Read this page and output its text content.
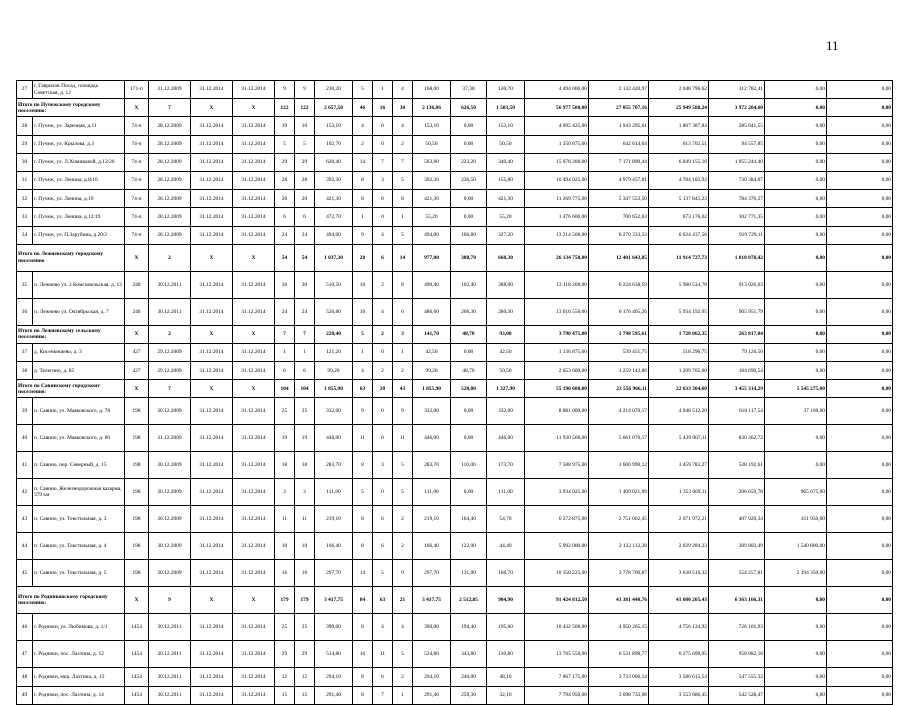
11
27	г. Гаврилов Посад, площадь Советская, д. 12	171-п	31.12.2009	31.12.2014	31.12.2014	9	9	230,20	5	1	4	168,00	37,30	130,70	4 494 000,00	2 132 420,97	2 048 796,62	312 782,41	0,00	0,00
Итого по Пучежскому городскому поселению:		X	7	X	X	122	122	2 657,50	46	16	30	2 136,06	626,50	1 503,50	56 977 500,00	27 055 707,16	25 949 588,24	3 972 204,60	0,00	0,00
28	г. Пучеж, ул. Заречная, д.11	74-п	28.12.2009	31.12.2014	31.12.2014	10	10	153,10	4	0	4	153,10	0,00	153,10	4 095 425,00	1 943 295,61	1 867 387,84	285 041,55	0,00	0,00
29	г. Пучеж, ул. Крылова, д.3	74-п	28.12.2009	31.12.2014	31.12.2014	5	5	102,70	2	0	2	50,50	0,00	50,50	1 350 875,00	642 614,64	613 702,51	94 557,85	0,00	0,00
30	г. Пучеж, ул. Л.Химиковой, д.12/26	74-п	28.12.2009	31.12.2014	31.12.2014	29	29	620,40	14	7	7	563,60	223,20	340,40	15 076 300,00	7 171 890,44	6 849 155,16	1 055 244,40	0,00	0,00
31	г. Пучеж, ул. Ленина, д.8/16	74-п	28.12.2009	31.12.2014	31.12.2014	28	28	392,30	8	3	5	392,30	236,50	155,80	10 494 025,00	4 979 457,01	4 784 183,92	730 384,07	0,00	0,00
32	г. Пучеж, ул. Ленина, д.19	74-п	28.12.2009	31.12.2014	31.12.2014	20	20	421,30	8	0	8	421,30	0,00	421,30	11 269 775,00	5 347 553,50	5 137 845,23	784 376,27	0,00	0,00
33	г. Пучеж, ул. Ленина, д.12/19	74-п	28.12.2009	31.12.2014	31.12.2014	6	6	472,70	1	0	1	55,20	0,00	55,20	1 476 600,00	700 652,63	673 176,02	102 771,35	0,00	0,00
34	г. Пучеж, ул. П.Зарубина, д.20/2	74-п	28.12.2009	31.12.2014	31.12.2014	24	24	494,00	9	4	5	494,00	166,80	327,20	13 214 500,00	6 270 333,33	6 024 437,56	919 729,11	0,00	0,00
Итого по Лежневскому городскому поселению		X	2	X	X	54	54	1 037,30	20	6	14	977,00	308,70	668,30	26 134 750,00	12 401 643,85	11 914 727,73	1 818 078,42	0,00	0,00
35	п. Лежнево ул. 2 Комсомольская, д. 13	248	30.12.2011	31.12.2014	31.12.2014	30	30	510,50	10	2	8	490,40	102,40	388,00	13 118 200,00	6 224 638,59	5 980 534,78	913 026,63	0,00	0,00
36	п. Лежнево ул. Октябрьская, д. 7	248	30.12.2011	31.12.2014	31.12.2014	24	24	526,80	10	4	6	486,60	206,30	280,30	13 016 550,00	6 176 405,26	5 934 192,95	905 951,79	0,00	0,00
Итого по Лежневскому сельскому поселению:		X	2	X	X	7	7	220,40	5	2	3	141,70	48,70	93,00	3 790 475,00	1 798 595,61	1 728 062,35	263 817,04	0,00	0,00
37	д. Кисенкишево, д. 3	427	29.12.2009	31.12.2014	31.12.2014	1	1	121,20	1	0	1	42,50	0,00	42,50	1 136 875,00	539 451,75	518 296,75	79 126,50	0,00	0,00
38	д. Телегино, д. 85	427	29.12.2009	31.12.2014	31.12.2014	6	6	99,20	4	2	2	99,20	48,70	50,50	2 653 600,00	1 259 143,86	1 209 765,60	184 690,54	0,00	0,00
Итого по Савинскому городскому поселению:		X	7	X	X	104	104	1 855,90	63	20	43	1 855,90	528,00	1 327,90	55 190 600,00	23 556 966,11	22 633 304,60	3 455 314,29	5 545 275,00	0,00
39	п. Савино, ул. Маяковского, д. 78	198	30.12.2009	31.12.2014	31.12.2014	25	25	332,00	9	0	9	332,00	0,00	332,00	8 881 000,00	4 214 070,17	4 048 512,20	618 117,54	37 100,00	0,00
40	п. Савино, ул. Маяковского, д. 80	198	31.12.2009	31.12.2014	31.12.2014	19	19	446,00	11	0	11	446,00	0,00	446,00	11 930 500,00	5 661 070,17	5 439 067,11	830 362,72	0,00	0,00
41	п. Савино, пер. Северный, д. 15	198	30.12.2009	31.12.2014	31.12.2014	18	18	283,70	8	3	5	283,70	110,00	173,70	7 588 975,00	3 600 990,12	3 459 783,27	528 192,61	0,00	0,00
42	п. Савино, Железнодорожная казарма, 379 км	198	30.12.2009	31.12.2014	31.12.2014	3	3	111,00	5	0	5	111,00	0,00	111,00	3 934 025,00	1 409 021,09	1 353 669,11	206 659,78	965 675,00	0,00
43	п. Савино, ул. Текстильная, д. 3	198	30.12.2009	31.12.2014	31.12.2014	11	11	219,10	8	6	2	219,10	164,40	54,70	6 272 875,00	2 751 002,45	2 671 972,21	407 920,34	411 950,00	0,00
44	п. Савино, ул. Текстильная, д. 4	198	30.12.2009	31.12.2014	31.12.2014	10	10	166,40	8	6	2	166,40	122,00	44,40	5 992 000,00	2 132 112,28	2 029 284,23	309 803,49	1 540 800,00	0,00
45	п. Савино, ул. Текстильная, д. 5	198	30.12.2009	31.12.2014	31.12.2014	16	16	297,70	14	5	9	297,70	131,00	166,70	10 358 225,00	3 778 700,87	3 630 516,32	554 257,81	2 394 350,00	0,00
Итого по Родниковскому городскому поселению:		X	9	X	X	179	179	3 417,75	84	63	21	3 417,75	2 512,85	904,90	91 424 812,50	43 381 440,76	41 680 205,43	6 363 166,31	0,00	0,00
46	г. Родники, ул. Любимова, д. 1/1	1454	30.12.2011	31.12.2014	31.12.2014	25	25	390,00	8	4	4	390,00	194,40	195,60	10 432 500,00	4 950 265,15	4 756 134,92	726 101,93	0,00	0,00
47	г. Родники, пос. Лахтина, д. 12	1454	30.12.2011	31.12.2014	31.12.2014	29	29	514,80	16	11	5	534,80	343,80	130,80	13 765 550,00	6 531 898,77	6 275 699,05	958 082,18	0,00	0,00
48	г. Родники, мкр. Лахтина, д. 13	1454	30.12.2011	31.12.2014	31.12.2014	12	12	294,10	8	6	2	294,10	246,00	48,10	7 867 175,00	3 733 006,14	3 586 615,54	547 555,32	0,00	0,00
49	г. Родники, пос. Лахтина, д. 14	1454	30.12.2011	31.12.2014	31.12.2014	15	15	291,40	8	7	1	291,40	259,30	32,10	7 794 950,00	3 698 733,08	3 553 686,45	542 528,47	0,00	0,00
